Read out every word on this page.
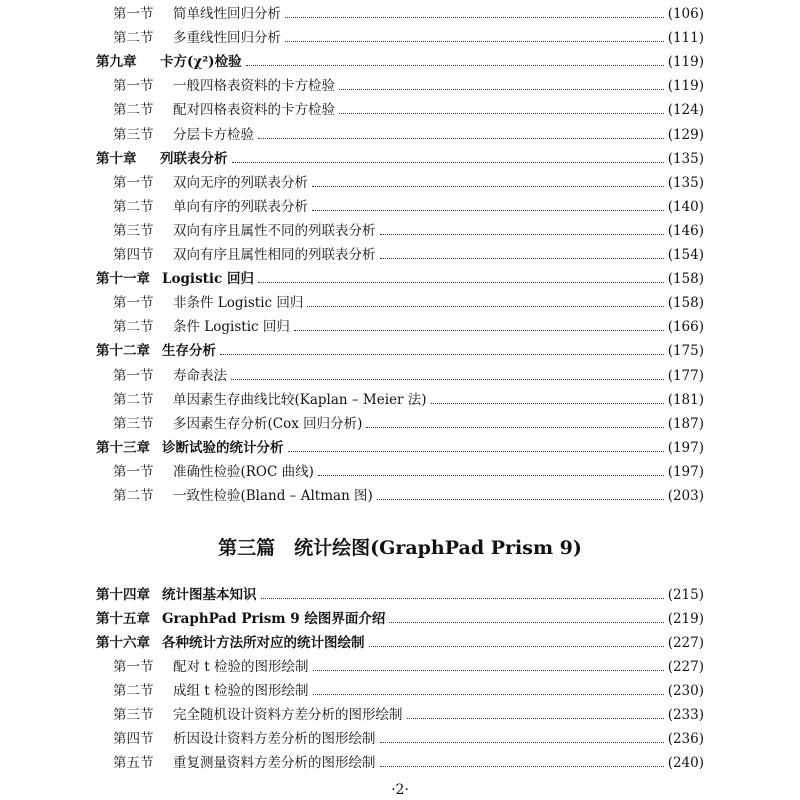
第一节 简单线性回归分析	(106)
第二节 多重线性回归分析	(111)
第九章 卡方(χ²)检验	(119)
第一节 一般四格表资料的卡方检验	(119)
第二节 配对四格表资料的卡方检验	(124)
第三节 分层卡方检验	(129)
第十章 列联表分析	(135)
第一节 双向无序的列联表分析	(135)
第二节 单向有序的列联表分析	(140)
第三节 双向有序且属性不同的列联表分析	(146)
第四节 双向有序且属性相同的列联表分析	(154)
第十一章 Logistic 回归	(158)
第一节 非条件 Logistic 回归	(158)
第二节 条件 Logistic 回归	(166)
第十二章 生存分析	(175)
第一节 寿命表法	(177)
第二节 单因素生存曲线比较(Kaplan – Meier 法)	(181)
第三节 多因素生存分析(Cox 回归分析)	(187)
第十三章 诊断试验的统计分析	(197)
第一节 准确性检验(ROC 曲线)	(197)
第二节 一致性检验(Bland – Altman 图)	(203)
第三篇　统计绘图(GraphPad Prism 9)
第十四章 统计图基本知识	(215)
第十五章 GraphPad Prism 9 绘图界面介绍	(219)
第十六章 各种统计方法所对应的统计图绘制	(227)
第一节 配对 t 检验的图形绘制	(227)
第二节 成组 t 检验的图形绘制	(230)
第三节 完全随机设计资料方差分析的图形绘制	(233)
第四节 析因设计资料方差分析的图形绘制	(236)
第五节 重复测量资料方差分析的图形绘制	(240)
·2·
